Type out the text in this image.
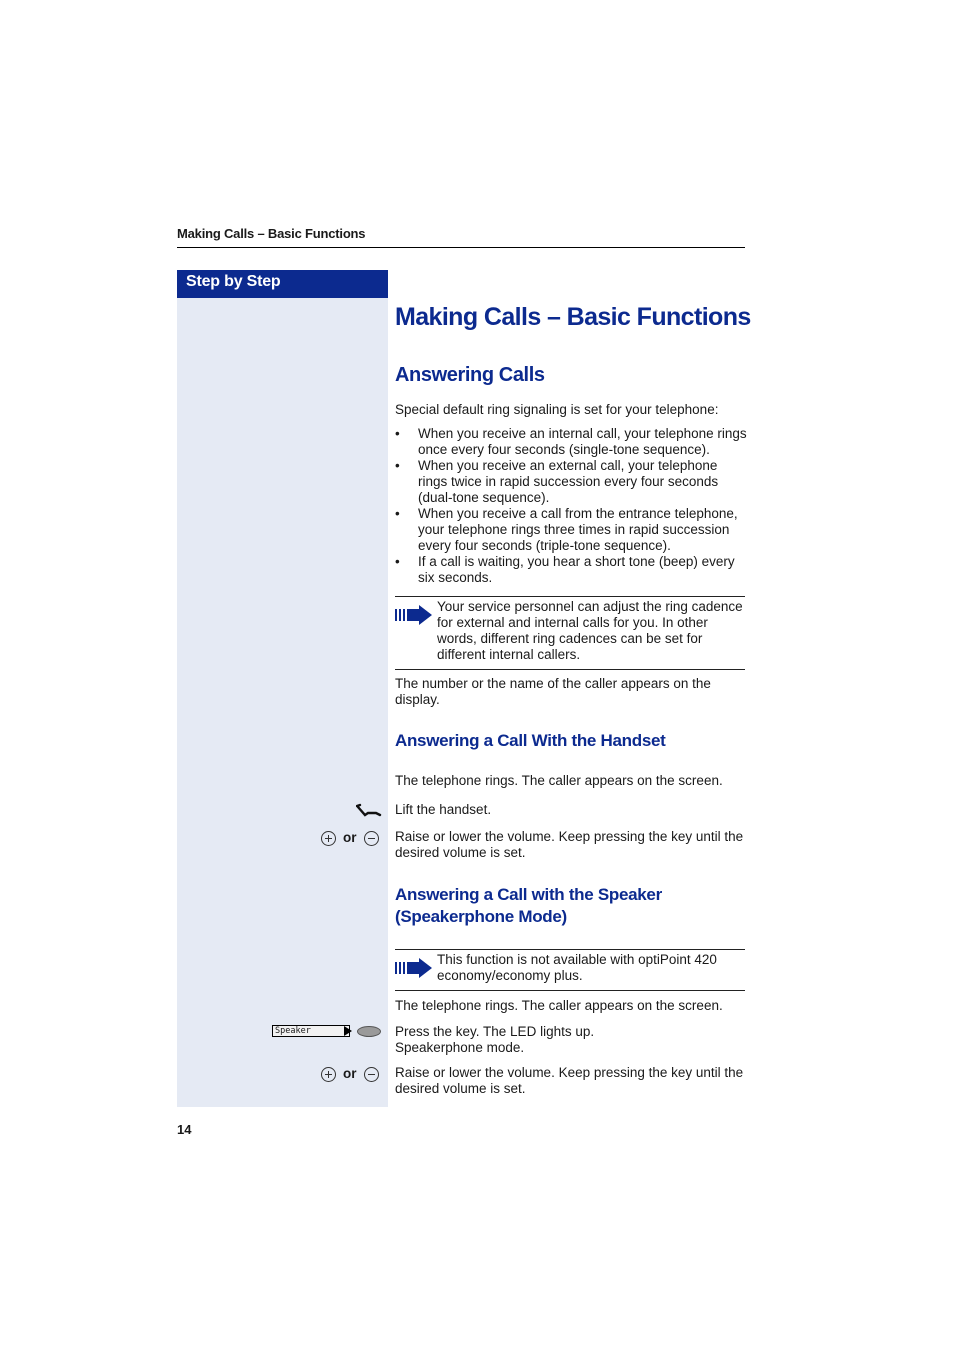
Making Calls – Basic Functions
Step by Step
Making Calls – Basic Functions
Answering Calls
Special default ring signaling is set for your telephone:
•	When you receive an internal call, your telephone rings once every four seconds (single-tone sequence).
•	When you receive an external call, your telephone rings twice in rapid succession every four seconds (dual-tone sequence).
•	When you receive a call from the entrance telephone, your telephone rings three times in rapid succession every four seconds (triple-tone sequence).
•	If a call is waiting, you hear a short tone (beep) every six seconds.
Your service personnel can adjust the ring cadence for external and internal calls for you. In other words, different ring cadences can be set for different internal callers.
The number or the name of the caller appears on the display.
Answering a Call With the Handset
The telephone rings. The caller appears on the screen.
Lift the handset.
or	Raise or lower the volume. Keep pressing the key until the desired volume is set.
Answering a Call with the Speaker
(Speakerphone Mode)
This function is not available with optiPoint 420 economy/economy plus.
The telephone rings. The caller appears on the screen.
Speaker	Press the key. The LED lights up.
Speakerphone mode.
or	Raise or lower the volume. Keep pressing the key until the desired volume is set.
14
